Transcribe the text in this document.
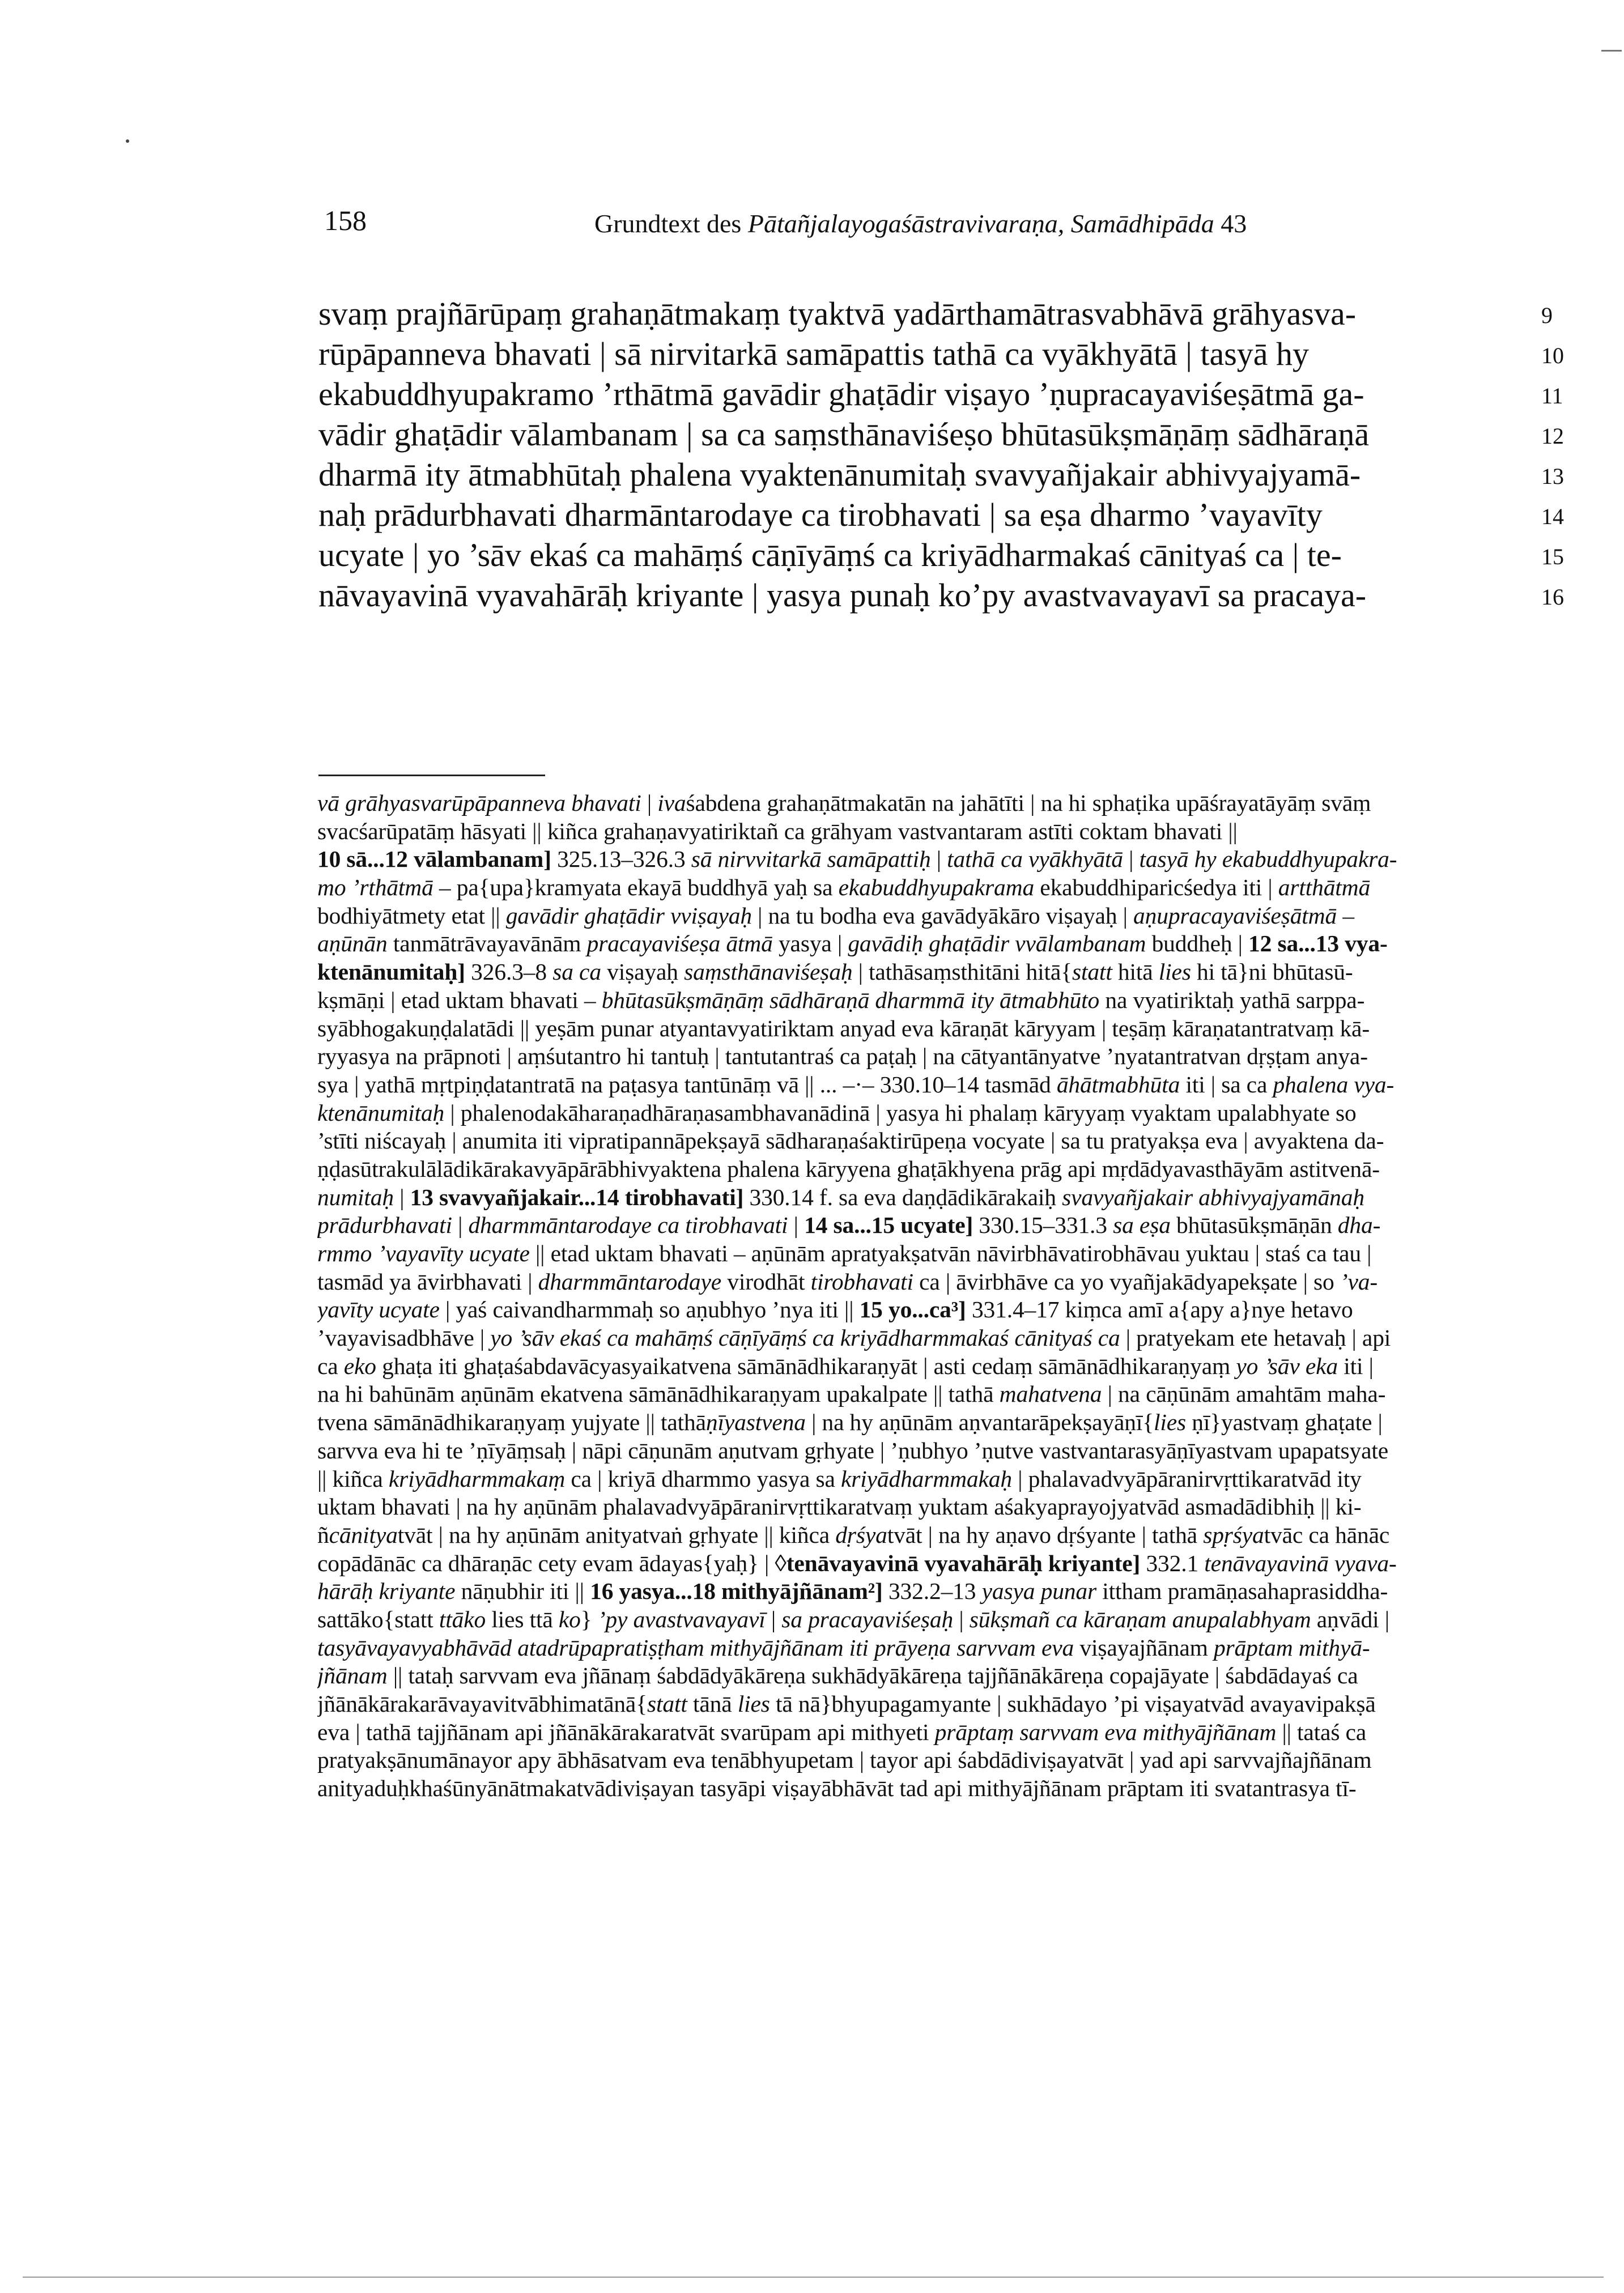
158	Grundtext des Pātañjalayogaśāstravivaraṇa, Samādhipāda 43
svaṃ prajñārūpaṃ grahaṇātmakaṃ tyaktvā yadārthamātrasvabhāvā grāhyasva-	9
rūpāpanneva bhavati | sā nirvitarkā samāpattis tathā ca vyākhyātā | tasyā hy	10
ekabuddhyupakramo ’rthātmā gavādir ghaṭādir viṣayo ’ṇupracayaviśeṣātmā ga-	11
vādir ghaṭādir vālambanam | sa ca saṃsthānaviśeṣo bhūtasūkṣmāṇāṃ sādhāraṇā	12
dharmā ity ātmabhūtaḥ phalena vyaktenānumitaḥ svavyañjakair abhivyajyamā-	13
naḥ prādurbhavati dharmāntarodaye ca tirobhavati | sa eṣa dharmo ’vayavīty	14
ucyate | yo ’sāv ekaś ca mahāṃś cāṇīyāṃś ca kriyādharmakaś cānityaś ca | te-	15
nāvayavinā vyavahārāḥ kriyante | yasya punaḥ ko’py avastvavayavī sa pracaya-	16
vā grāhyasvarūpāpanneva bhavati | ivaśabdena grahaṇātmakatān na jahātīti | na hi sphaṭika upāśrayatāyāṃ svāṃ
svacśarūpatāṃ hāsyati || kiñca grahaṇavyatiriktañ ca grāhyam vastvantaram astīti coktam bhavati ||
10 sā...12 vālambanam] 325.13–326.3 sā nirvvitarkā samāpattiḥ | tathā ca vyākhyātā | tasyā hy ekabuddhyupakra-
mo ’rthātmā – pa{upa}kramyata ekayā buddhyā yaḥ sa ekabuddhyupakrama ekabuddhiparicśedya iti | artthātmā
bodhiyātmety etat || gavādir ghaṭādir vviṣayaḥ | na tu bodha eva gavādyākāro viṣayaḥ | aṇupracayaviśeṣātmā –
aṇūnān tanmātrāvayavānām pracayaviśeṣa ātmā yasya | gavādiḥ ghaṭādir vvālambanam buddheḥ | 12 sa...13 vya-
ktenānumitaḥ] 326.3–8 sa ca viṣayaḥ saṃsthānaviśeṣaḥ | tathāsaṃsthitāni hitā{statt hitā lies hi tā}ni bhūtasū-
kṣmāṇi | etad uktam bhavati – bhūtasūkṣmāṇāṃ sādhāraṇā dharmmā ity ātmabhūto na vyatiriktaḥ yathā sarppa-
syābhogakuṇḍalatādi || yeṣām punar atyantavyatiriktam anyad eva kāraṇāt kāryyam | teṣāṃ kāraṇatantratvaṃ kā-
ryyasya na prāpnoti | aṃśutantro hi tantuḥ | tantutantraś ca paṭaḥ | na cātyantānyatve ’nyatantratvan dṛṣṭam anya-
sya | yathā mṛtpiṇḍatantratā na paṭasya tantūnāṃ vā || ... –·– 330.10–14 tasmād āhātmabhūta iti | sa ca phalena vya-
ktenānumitaḥ | phalenodakāharaṇadhāraṇasambhavanādinā | yasya hi phalaṃ kāryyaṃ vyaktam upalabhyate so
’stīti niścayaḥ | anumita iti vipratipannāpekṣayā sādharaṇaśaktirūpeṇa vocyate | sa tu pratyakṣa eva | avyaktena da-
ṇḍasūtrakulālādikārakavyāpārābhivyaktena phalena kāryyena ghaṭākhyena prāg api mṛdādyavasthāyām astitvenā-
numitaḥ | 13 svavyañjakair...14 tirobhavati] 330.14 f. sa eva daṇḍādikārakaiḥ svavyañjakair abhivyajyamānaḥ
prādurbhavati | dharmmāntarodaye ca tirobhavati | 14 sa...15 ucyate] 330.15–331.3 sa eṣa bhūtasūkṣmāṇān dha-
rmmo ’vayavīty ucyate || etad uktam bhavati – aṇūnām apratyakṣatvān nāvirbhāvatirobhāvau yuktau | staś ca tau |
tasmād ya āvirbhavati | dharmmāntarodaye virodhāt tirobhavati ca | āvirbhāve ca yo vyañjakādyapekṣate | so ’va-
yavīty ucyate | yaś caivandharmmaḥ so aṇubhyo ’nya iti || 15 yo...ca³] 331.4–17 kiṃca amī a{apy a}nye hetavo
’vayavisadbhāve | yo ’sāv ekaś ca mahāṃś cāṇīyāṃś ca kriyādharmmakaś cānityaś ca | pratyekam ete hetavaḥ | api
ca eko ghaṭa iti ghaṭaśabdavācyasyaikatvena sāmānādhikaraṇyāt | asti cedaṃ sāmānādhikaraṇyaṃ yo ’sāv eka iti |
na hi bahūnām aṇūnām ekatvena sāmānādhikaraṇyam upakalpate || tathā mahatvena | na cāṇūnām amahtām maha-
tvena sāmānādhikaraṇyaṃ yujyate || tathāṇīyastvena | na hy aṇūnām aṇvantarāpekṣayāṇī{lies ṇī}yastvaṃ ghaṭate |
sarvva eva hi te ’ṇīyāṃsaḥ | nāpi cāṇunām aṇutvam gṛhyate | ’ṇubhyo ’ṇutve vastvantarasyāṇīyastvam upapatsyate
|| kiñca kriyādharmmakaṃ ca | kriyā dharmmo yasya sa kriyādharmmakaḥ | phalavadvyāpāranirvṛttikaratvād ity
uktam bhavati | na hy aṇūnām phalavadvyāpāranirvṛttikaratvaṃ yuktam aśakyaprayojyatvād asmadādibhiḥ || ki-
ñcānityatvāt | na hy aṇūnām anityatvaṅ gṛhyate || kiñca dṛśyatvāt | na hy aṇavo dṛśyante | tathā spṛśyatvāc ca hānāc
copādānāc ca dhāraṇāc cety evam ādayas{yaḥ} | ◊tenāvayavinā vyavahārāḥ kriyante] 332.1 tenāvayavinā vyava-
hārāḥ kriyante nāṇubhir iti || 16 yasya...18 mithyājñānam²] 332.2–13 yasya punar ittham pramāṇasahaprasiddha-
sattāko{statt ttāko lies ttā ko} ’py avastvavayavī | sa pracayaviśeṣaḥ | sūkṣmañ ca kāraṇam anupalabhyam aṇvādi |
tasyāvayavyabhāvād atadrūpapratiṣṭham mithyājñānam iti prāyeṇa sarvvam eva viṣayajñānam prāptam mithyā-
jñānam || tataḥ sarvvam eva jñānaṃ śabdādyākāreṇa sukhādyākāreṇa tajjñānākāreṇa copajāyate | śabdādayaś ca
jñānākārakarāvayavitvābhimatānā{statt tānā lies tā nā}bhyupagamyante | sukhādayo ’pi viṣayatvād avayavipakṣā
eva | tathā tajjñānam api jñānākārakaratvāt svarūpam api mithyeti prāptaṃ sarvvam eva mithyājñānam || tataś ca
pratyakṣānumānayor apy ābhāsatvam eva tenābhyupetam | tayor api śabdādiviṣayatvāt | yad api sarvvajñajñānam
anityaduḥkhaśūnyānātmakatvādiviṣayan tasyāpi viṣayābhāvāt tad api mithyājñānam prāptam iti svatantrasya tī-
